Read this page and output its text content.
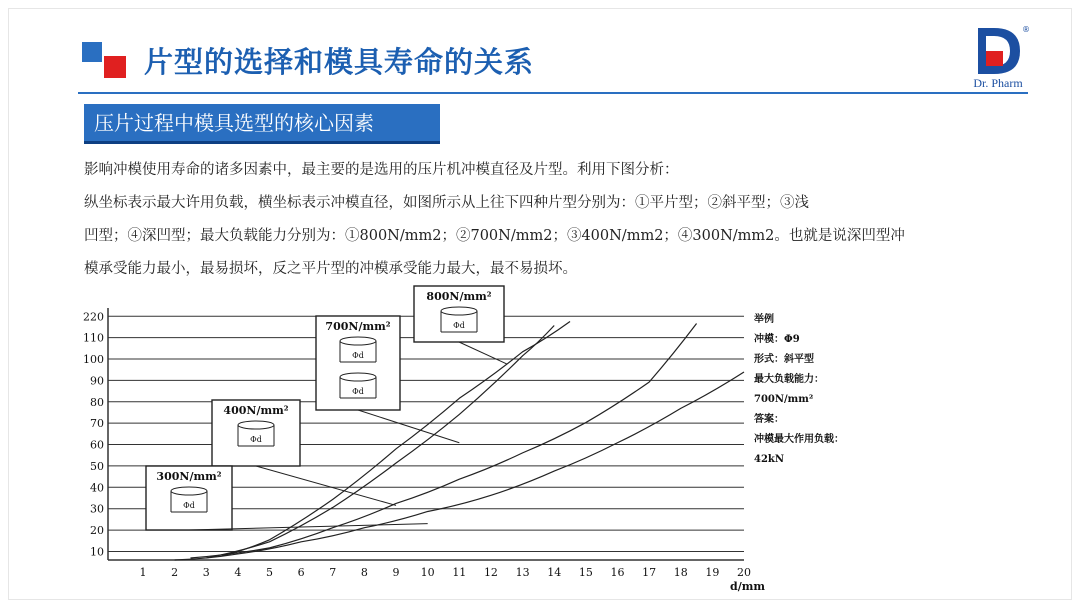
片型的选择和模具寿命的关系
®
Dr. Pharm
压片过程中模具选型的核心因素
影响冲模使用寿命的诸多因素中，最主要的是选用的压片机冲模直径及片型。利用下图分析：
纵坐标表示最大许用负载，横坐标表示冲模直径，如图所示从上往下四种片型分别为：①平片型；②斜平型；③浅
凹型；④深凹型；最大负载能力分别为：①800N/mm2；②700N/mm2；③400N/mm2；④300N/mm2。也就是说深凹型冲
模承受能力最小，最易损坏，反之平片型的冲模承受能力最大，最不易损坏。
10
20
30
40
50
60
70
80
90
100
110
220
1 2 3 4 5 6 7 8 9 10 11 12 13 14 15 16 17 18 19 20
800N/mm²
Φd
700N/mm²
Φd
Φd
400N/mm²
Φd
300N/mm²
Φd
举例
冲模：Φ9
形式：斜平型
最大负载能力：
700N/mm²
答案：
冲模最大作用负载：
42kN
d/mm
